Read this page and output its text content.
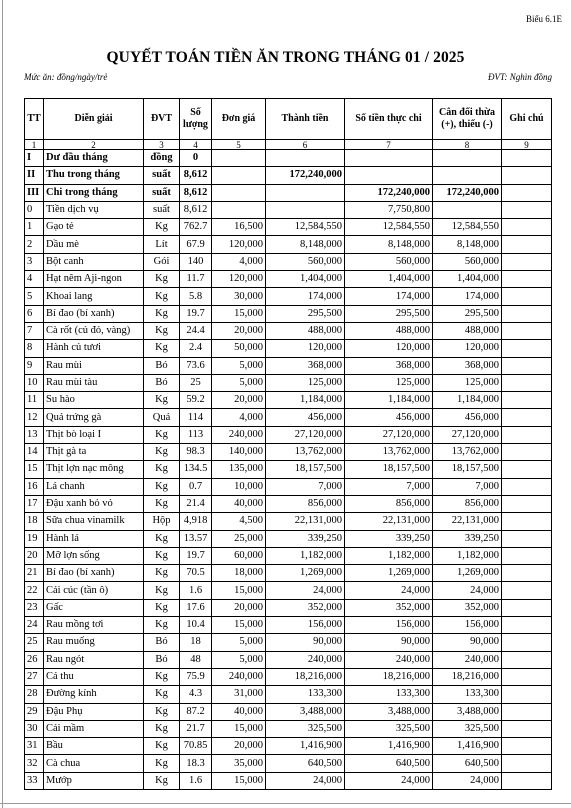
Biểu 6.1E
QUYẾT TOÁN TIỀN ĂN TRONG THÁNG 01 / 2025
Mức ăn: đồng/ngày/trẻ	ĐVT: Nghìn đồng
TT	Diễn giải	ĐVT	Số lượng	Đơn giá	Thành tiền	Số tiền thực chi	Cân đối thừa (+), thiếu (-)	Ghi chú
1	2	3	4	5	6	7	8	9
I	Dư đầu tháng	đồng	0					
II	Thu trong tháng	suất	8,612		172,240,000			
III	Chi trong tháng	suất	8,612			172,240,000	172,240,000	
0	Tiền dịch vụ	suất	8,612			7,750,800		
1	Gạo tẻ	Kg	762.7	16,500	12,584,550	12,584,550	12,584,550	
2	Dầu mè	Lít	67.9	120,000	8,148,000	8,148,000	8,148,000	
3	Bột canh	Gói	140	4,000	560,000	560,000	560,000	
4	Hạt nêm Aji-ngon	Kg	11.7	120,000	1,404,000	1,404,000	1,404,000	
5	Khoai lang	Kg	5.8	30,000	174,000	174,000	174,000	
6	Bí đao (bí xanh)	Kg	19.7	15,000	295,500	295,500	295,500	
7	Cà rốt (củ đỏ, vàng)	Kg	24.4	20,000	488,000	488,000	488,000	
8	Hành củ tươi	Kg	2.4	50,000	120,000	120,000	120,000	
9	Rau mùi	Bó	73.6	5,000	368,000	368,000	368,000	
10	Rau mùi tàu	Bó	25	5,000	125,000	125,000	125,000	
11	Su hào	Kg	59.2	20,000	1,184,000	1,184,000	1,184,000	
12	Quả trứng gà	Quả	114	4,000	456,000	456,000	456,000	
13	Thịt bò loại I	Kg	113	240,000	27,120,000	27,120,000	27,120,000	
14	Thịt gà ta	Kg	98.3	140,000	13,762,000	13,762,000	13,762,000	
15	Thịt lợn nạc mông	Kg	134.5	135,000	18,157,500	18,157,500	18,157,500	
16	Lá chanh	Kg	0.7	10,000	7,000	7,000	7,000	
17	Đậu xanh bỏ vỏ	Kg	21.4	40,000	856,000	856,000	856,000	
18	Sữa chua vinamilk	Hộp	4,918	4,500	22,131,000	22,131,000	22,131,000	
19	Hành lá	Kg	13.57	25,000	339,250	339,250	339,250	
20	Mỡ lợn sống	Kg	19.7	60,000	1,182,000	1,182,000	1,182,000	
21	Bí đao (bí xanh)	Kg	70.5	18,000	1,269,000	1,269,000	1,269,000	
22	Cải cúc (tần ô)	Kg	1.6	15,000	24,000	24,000	24,000	
23	Gấc	Kg	17.6	20,000	352,000	352,000	352,000	
24	Rau mồng tơi	Kg	10.4	15,000	156,000	156,000	156,000	
25	Rau muống	Bó	18	5,000	90,000	90,000	90,000	
26	Rau ngót	Bó	48	5,000	240,000	240,000	240,000	
27	Cá thu	Kg	75.9	240,000	18,216,000	18,216,000	18,216,000	
28	Đường kính	Kg	4.3	31,000	133,300	133,300	133,300	
29	Đậu Phụ	Kg	87.2	40,000	3,488,000	3,488,000	3,488,000	
30	Cải mầm	Kg	21.7	15,000	325,500	325,500	325,500	
31	Bầu	Kg	70.85	20,000	1,416,900	1,416,900	1,416,900	
32	Cà chua	Kg	18.3	35,000	640,500	640,500	640,500	
33	Mướp	Kg	1.6	15,000	24,000	24,000	24,000	
